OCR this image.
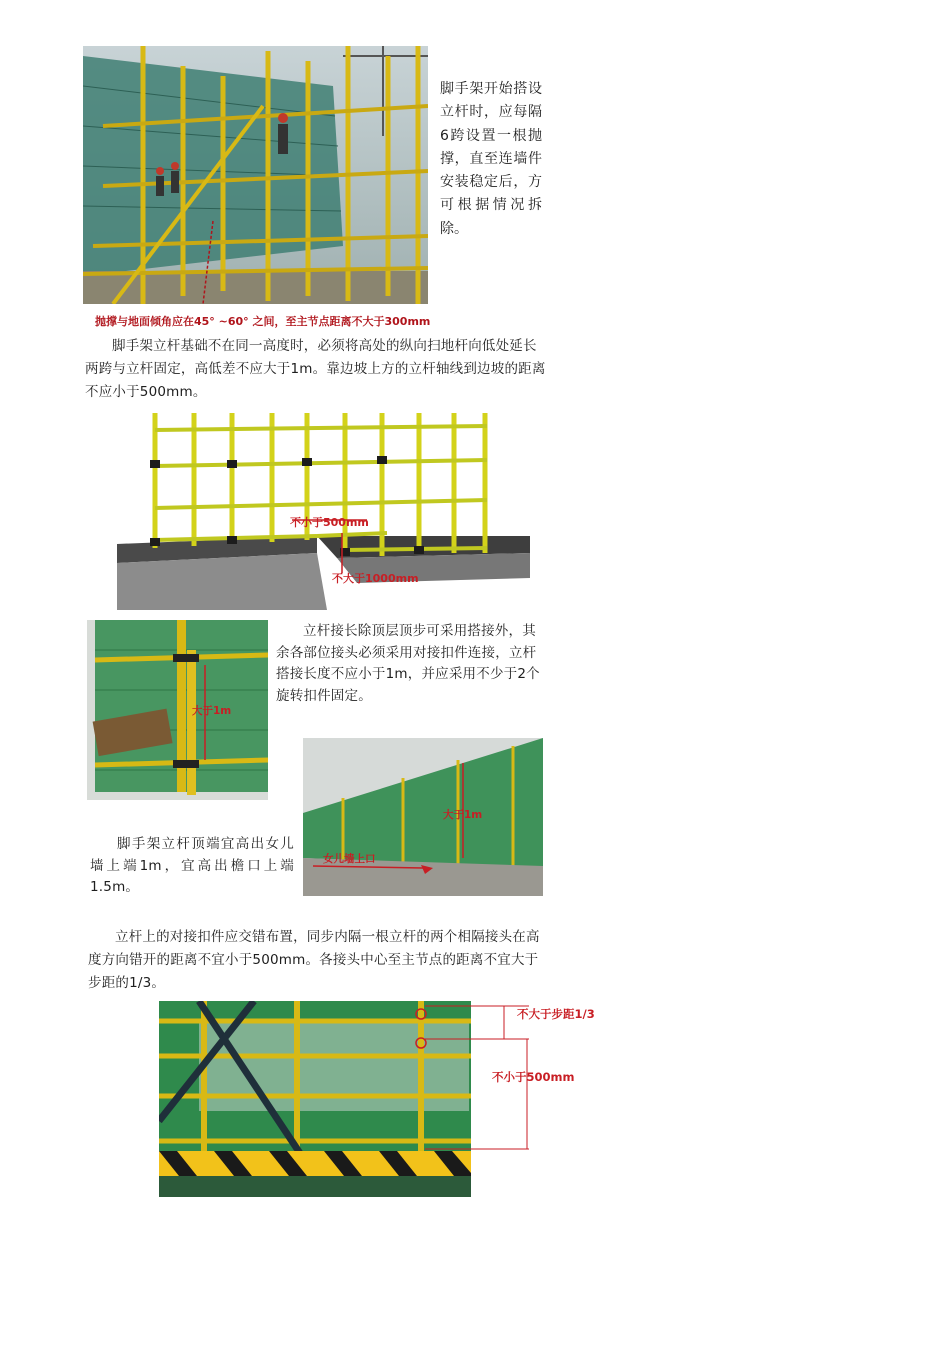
脚手架开始搭设立杆时，应每隔6跨设置一根抛撑，直至连墙件安装稳定后，方可根据情况拆除。
抛撑与地面倾角应在45° ~60° 之间，至主节点距离不大于300mm
脚手架立杆基础不在同一高度时，必须将高处的纵向扫地杆向低处延长两跨与立杆固定，高低差不应大于1m。靠边坡上方的立杆轴线到边坡的距离不应小于500mm。
不小于500mm
不大于1000mm
大于1m
立杆接长除顶层顶步可采用搭接外，其余各部位接头必须采用对接扣件连接，立杆搭接长度不应小于1m，并应采用不少于2个旋转扣件固定。
大于1m
女儿墙上口
脚手架立杆顶端宜高出女儿墙上端1m，宜高出檐口上端1.5m。
立杆上的对接扣件应交错布置，同步内隔一根立杆的两个相隔接头在高度方向错开的距离不宜小于500mm。各接头中心至主节点的距离不宜大于步距的1/3。
不大于步距1/3
不小于500mm
